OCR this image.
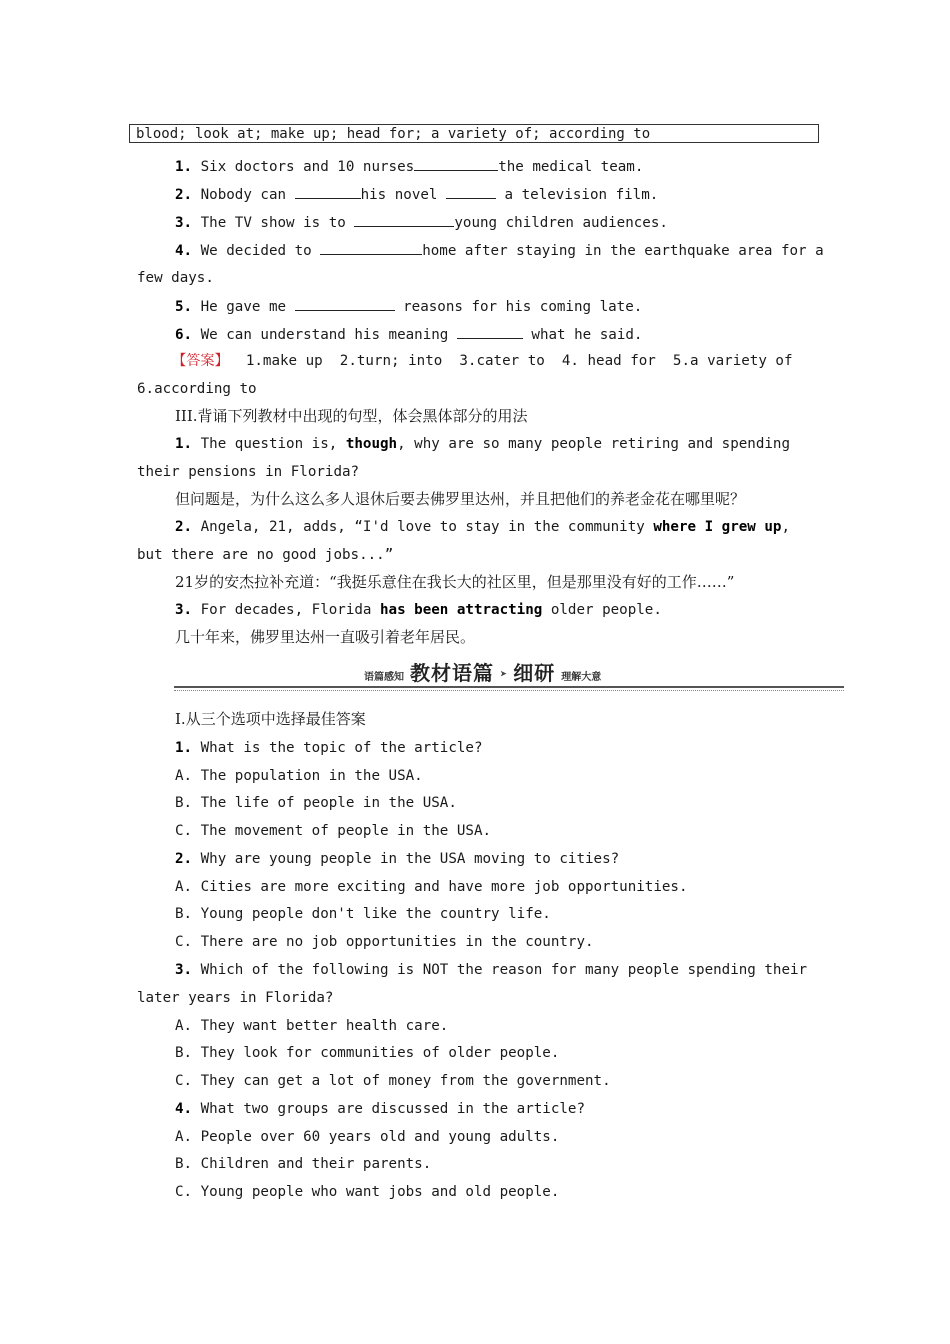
blood; look at; make up; head for; a variety of; according to
1. Six doctors and 10 nurses	the medical team.
2. Nobody can	his novel	a television film.
3. The TV show is to	young children audiences.
4. We decided to	home after staying in the earthquake area for a
few days.
5. He gave me	reasons for his coming late.
6. We can understand his meaning	what he said.
【答案】  1.make up  2.turn; into  3.cater to  4. head for  5.a variety of
6.according to
III.背诵下列教材中出现的句型，体会黑体部分的用法
1. The question is, though, why are so many people retiring and spending
their pensions in Florida?
但问题是，为什么这么多人退休后要去佛罗里达州，并且把他们的养老金花在哪里呢？
2. Angela, 21, adds, “I'd love to stay in the community where I grew up,
but there are no good jobs...”
21岁的安杰拉补充道：“我挺乐意住在我长大的社区里，但是那里没有好的工作……”
3. For decades, Florida has been attracting older people.
几十年来，佛罗里达州一直吸引着老年居民。
语篇感知 教材语篇 ➤ 细研 理解大意
Ⅰ.从三个选项中选择最佳答案
1. What is the topic of the article?
A. The population in the USA.
B. The life of people in the USA.
C. The movement of people in the USA.
2. Why are young people in the USA moving to cities?
A. Cities are more exciting and have more job opportunities.
B. Young people don't like the country life.
C. There are no job opportunities in the country.
3. Which of the following is NOT the reason for many people spending their
later years in Florida?
A. They want better health care.
B. They look for communities of older people.
C. They can get a lot of money from the government.
4. What two groups are discussed in the article?
A. People over 60 years old and young adults.
B. Children and their parents.
C. Young people who want jobs and old people.
